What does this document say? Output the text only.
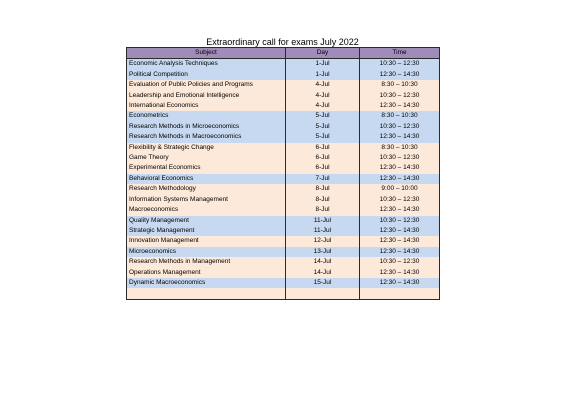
Extraordinary call for exams July 2022
Subject	Day	Time
Economic Analysis Techniques	1-Jul	10:30 – 12:30
Political Competition	1-Jul	12:30 – 14:30
Evaluation of Public Policies and Programs	4-Jul	8:30 – 10:30
Leadership and Emotional Intelligence	4-Jul	10:30 – 12:30
International Economics	4-Jul	12:30 – 14:30
Econometrics	5-Jul	8:30 – 10:30
Research Methods in Microeconomics	5-Jul	10:30 – 12:30
Research Methods in Macroeconomics	5-Jul	12:30 – 14:30
Flexibility & Strategic Change	6-Jul	8:30 – 10:30
Game Theory	6-Jul	10:30 – 12:30
Experimental Economics	6-Jul	12:30 – 14:30
Behavioral Economics	7-Jul	12:30 – 14:30
Research Methodology	8-Jul	9:00 – 10:00
Information Systems Management	8-Jul	10:30 – 12:30
Macroeconomics	8-Jul	12:30 – 14:30
Quality Management	11-Jul	10:30 – 12:30
Strategic Management	11-Jul	12:30 – 14:30
Innovation Management	12-Jul	12:30 – 14:30
Microeconomics	13-Jul	12:30 – 14:30
Research Methods in Management	14-Jul	10:30 – 12:30
Operations Management	14-Jul	12:30 – 14:30
Dynamic Macroeconomics	15-Jul	12:30 – 14:30
